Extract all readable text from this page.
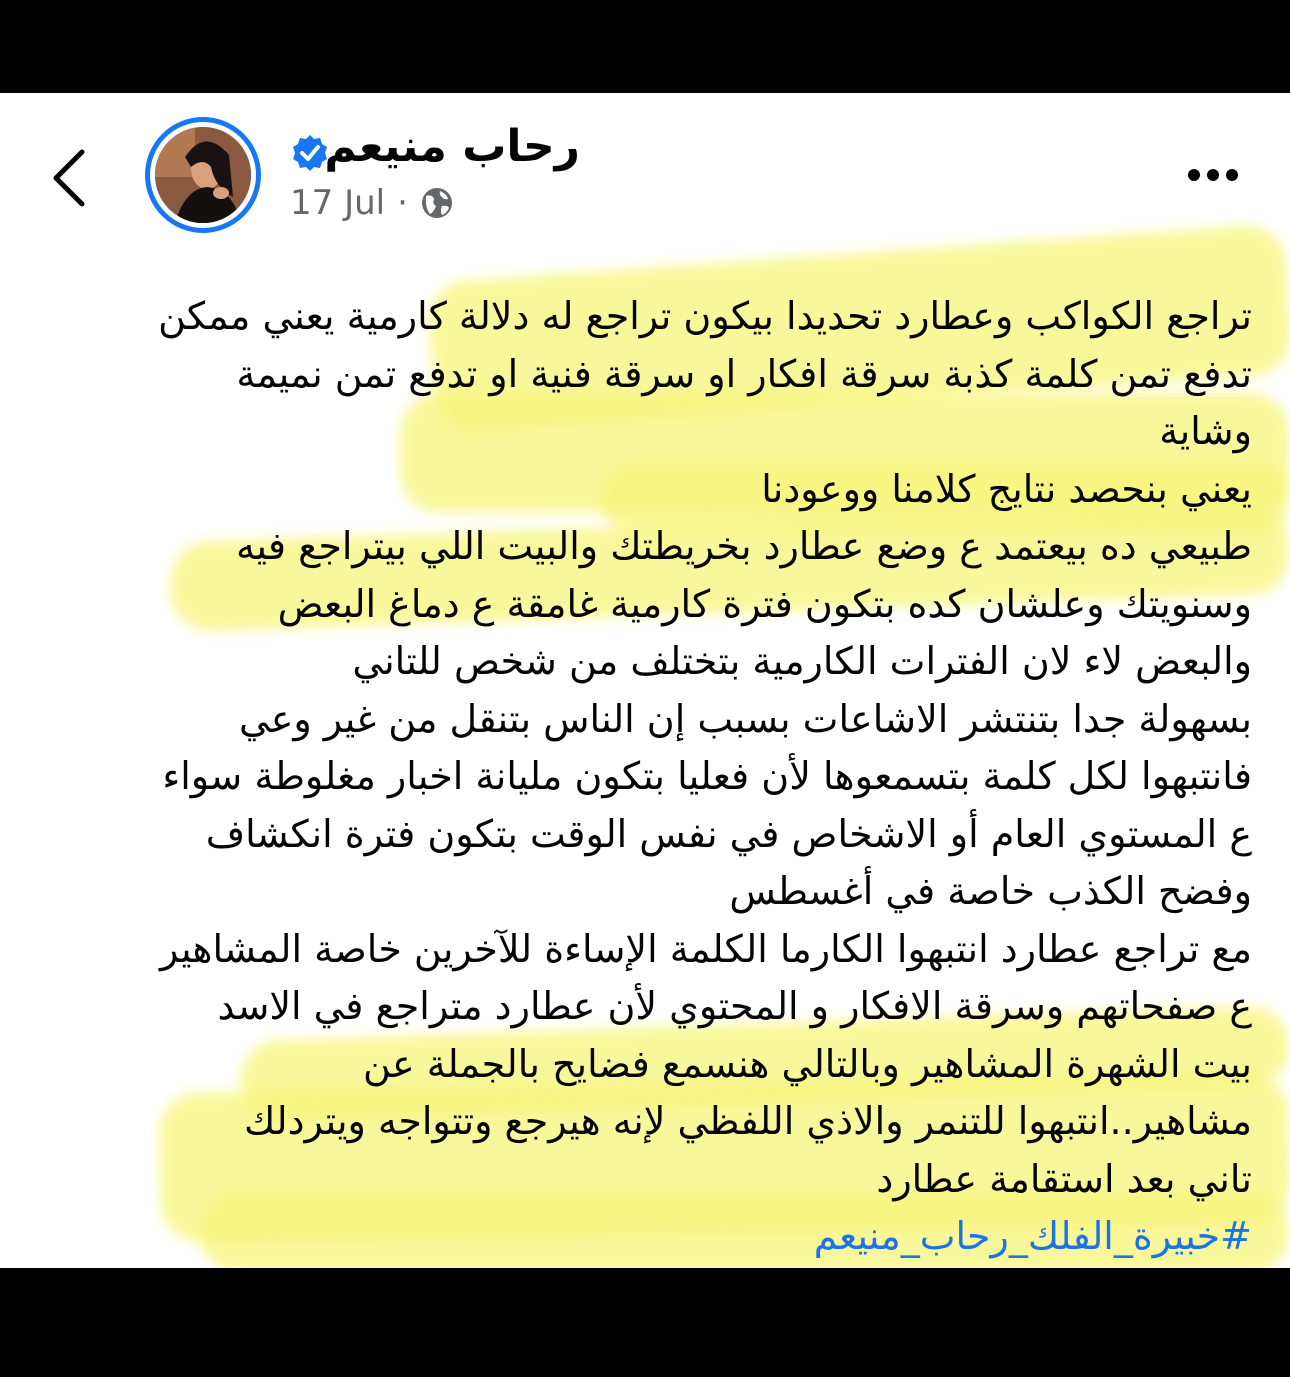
رحاب منيعم
17 Jul ·
تراجع الكواكب وعطارد تحديدا بيكون تراجع له دلالة كارمية يعني ممكن
تدفع تمن كلمة كذبة سرقة افكار او سرقة فنية او تدفع تمن نميمة
وشاية
يعني بنحصد نتايج كلامنا ووعودنا
طبيعي ده بيعتمد ع وضع عطارد بخريطتك والبيت اللي بيتراجع فيه
وسنويتك وعلشان كده بتكون فترة كارمية غامقة ع دماغ البعض
والبعض لاء لان الفترات الكارمية بتختلف من شخص للتاني
بسهولة جدا بتنتشر الاشاعات بسبب إن الناس بتنقل من غير وعي
فانتبهوا لكل كلمة بتسمعوها لأن فعليا بتكون مليانة اخبار مغلوطة سواء
ع المستوي العام أو الاشخاص في نفس الوقت بتكون فترة انكشاف
وفضح الكذب خاصة في أغسطس
مع تراجع عطارد انتبهوا الكارما الكلمة الإساءة للآخرين خاصة المشاهير
ع صفحاتهم وسرقة الافكار و المحتوي لأن عطارد متراجع في الاسد
بيت الشهرة المشاهير وبالتالي هنسمع فضايح بالجملة عن
مشاهير..انتبهوا للتنمر والاذي اللفظي لإنه هيرجع وتتواجه ويتردلك
تاني بعد استقامة عطارد
#خبيرة_الفلك_رحاب_منيعم
